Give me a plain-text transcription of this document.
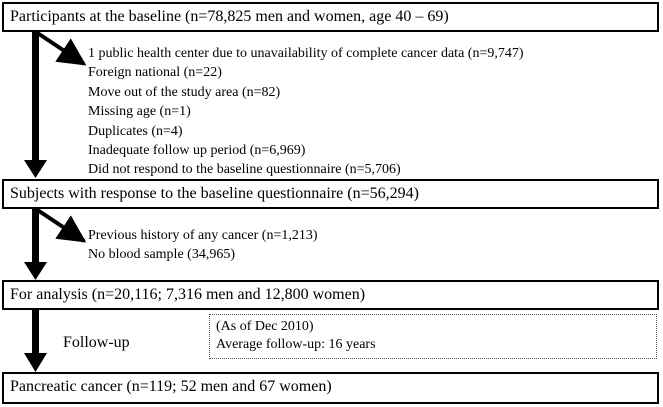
Participants at the baseline (n=78,825 men and women, age 40 – 69)
1 public health center due to unavailability of complete cancer data (n=9,747)
Foreign national (n=22)
Move out of the study area (n=82)
Missing age (n=1)
Duplicates (n=4)
Inadequate follow up period (n=6,969)
Did not respond to the baseline questionnaire (n=5,706)
Subjects with response to the baseline questionnaire (n=56,294)
Previous history of any cancer (n=1,213)
No blood sample (34,965)
For analysis (n=20,116; 7,316 men and 12,800 women)
Follow-up
(As of Dec 2010)
Average follow-up: 16 years
Pancreatic cancer (n=119; 52 men and 67 women)
